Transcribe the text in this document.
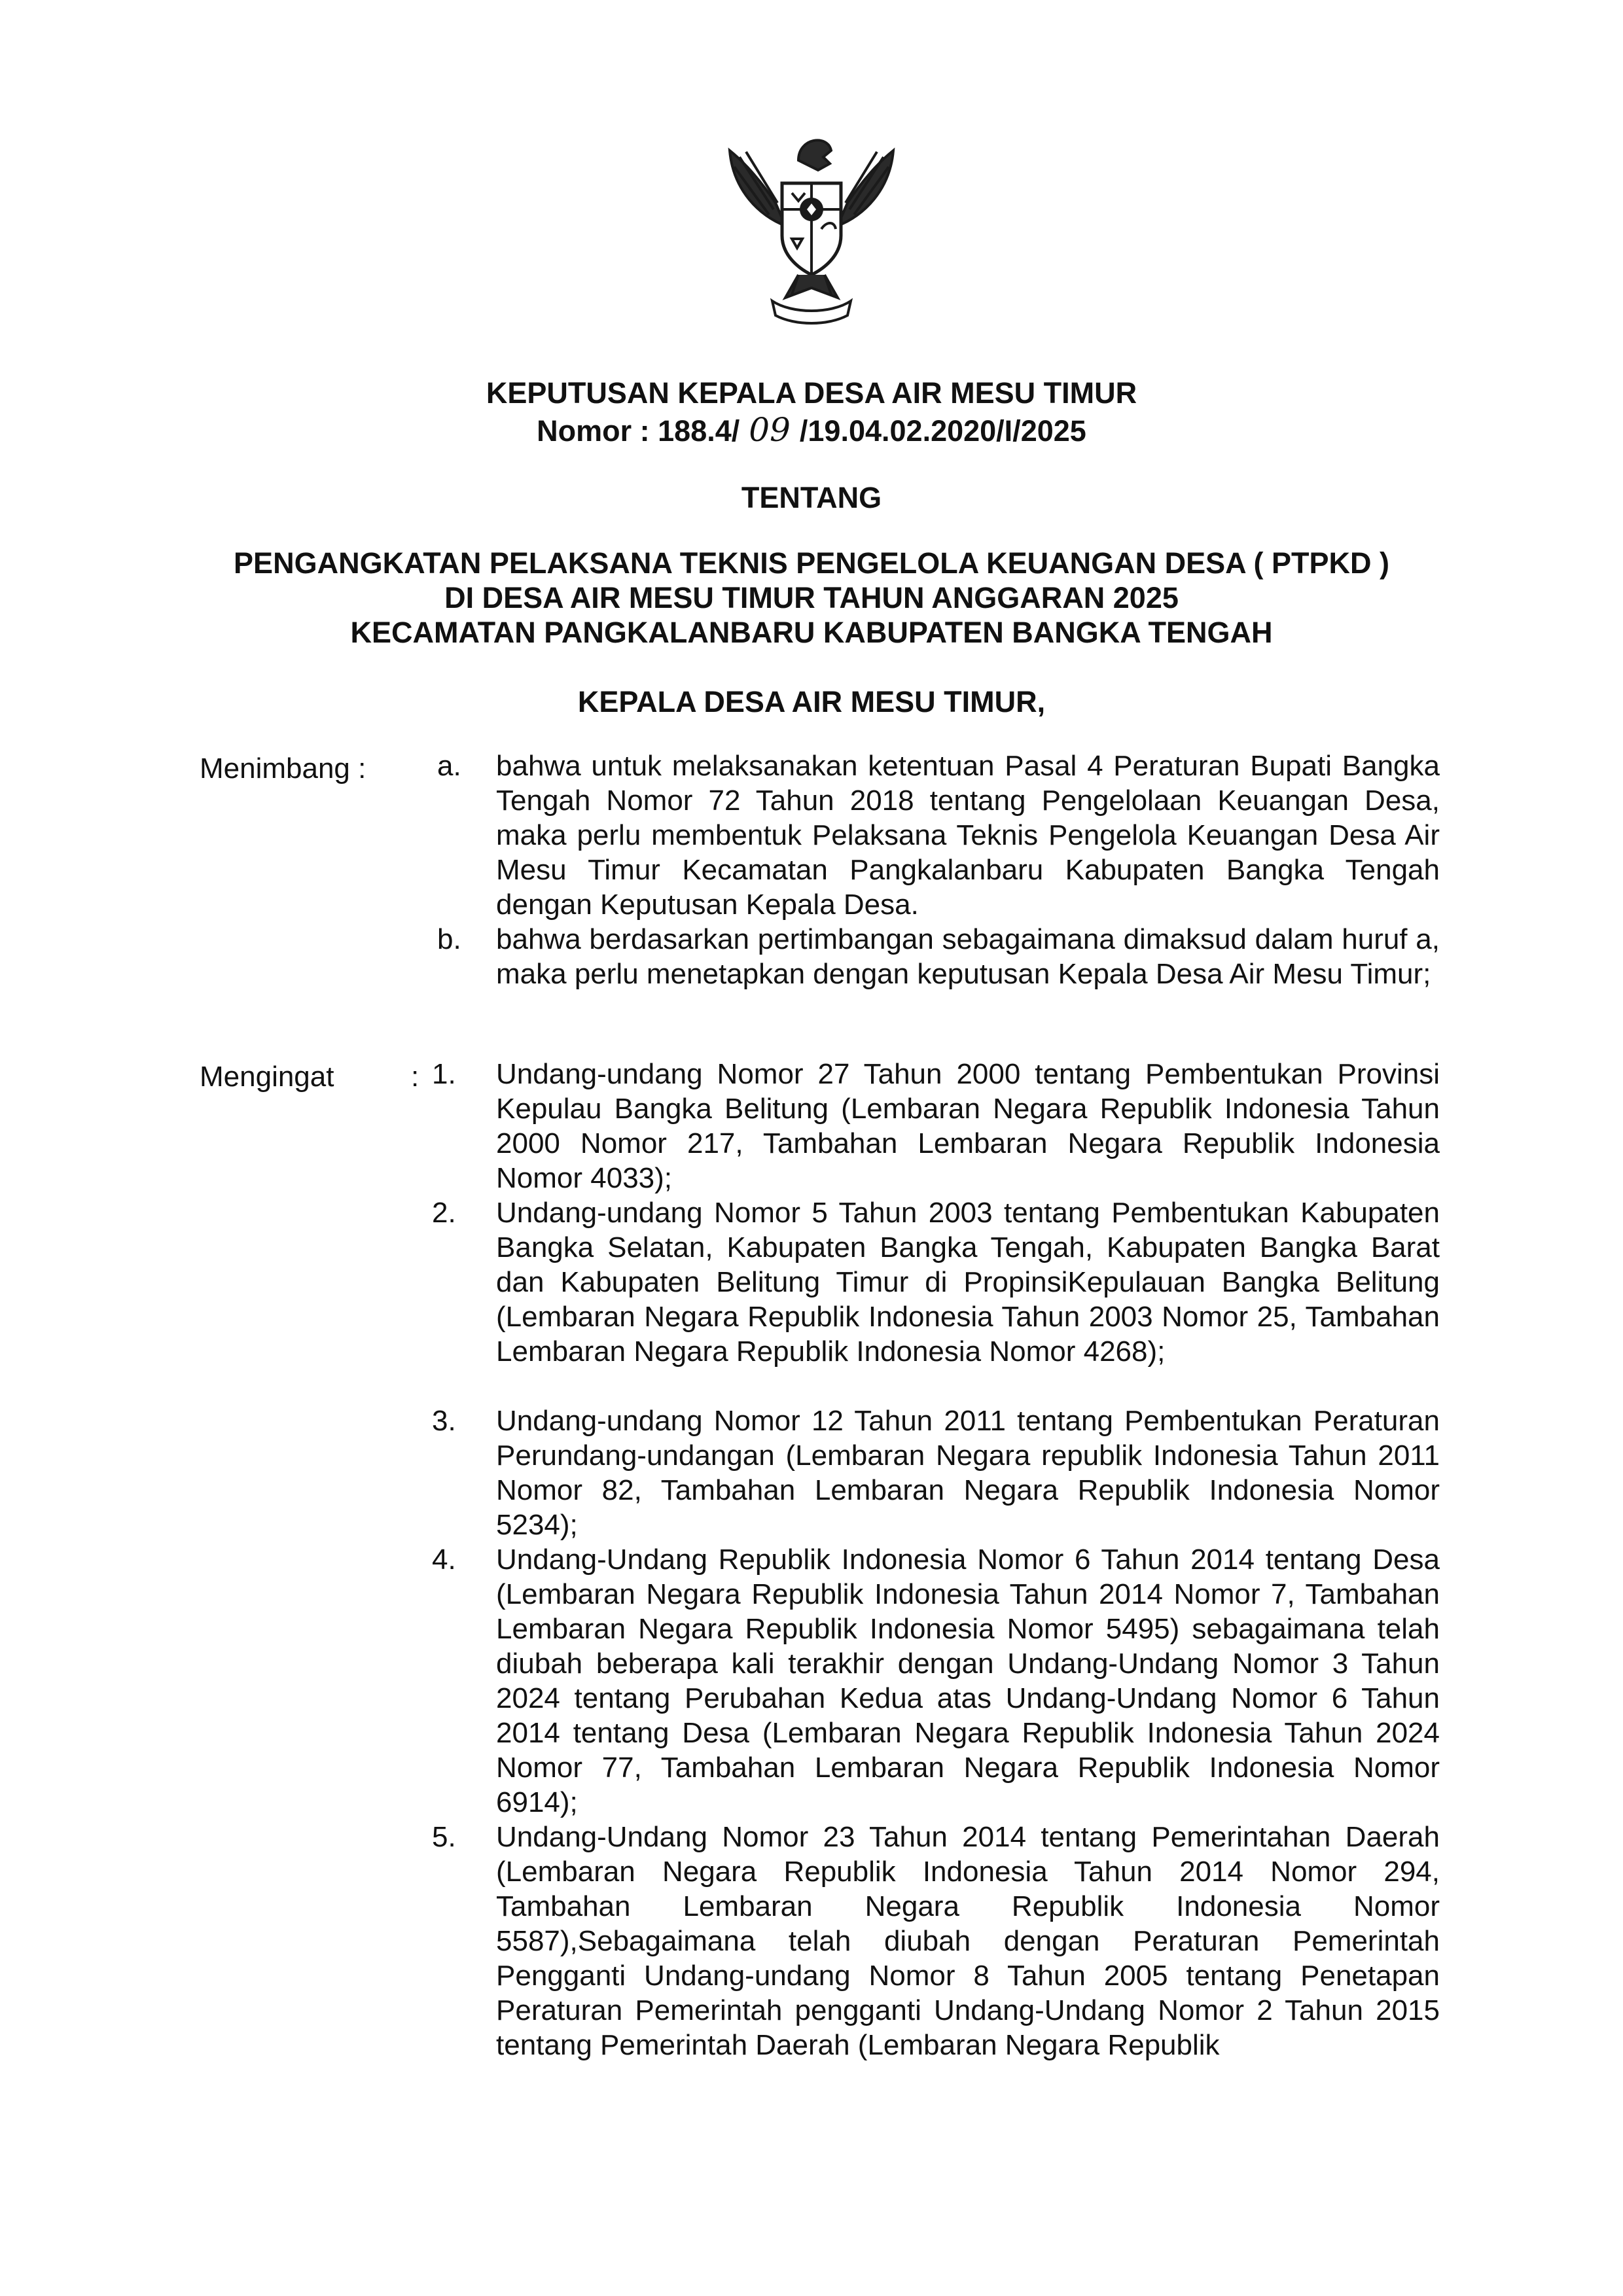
KEPUTUSAN KEPALA DESA AIR MESU TIMUR
Nomor : 188.4/ 09 /19.04.02.2020/I/2025
TENTANG
PENGANGKATAN PELAKSANA TEKNIS PENGELOLA KEUANGAN DESA ( PTPKD )
DI DESA AIR MESU TIMUR TAHUN ANGGARAN 2025
KECAMATAN PANGKALANBARU KABUPATEN BANGKA TENGAH
KEPALA DESA AIR MESU TIMUR,
Menimbang : a. bahwa untuk melaksanakan ketentuan Pasal 4 Peraturan Bupati Bangka Tengah Nomor 72 Tahun 2018 tentang Pengelolaan Keuangan Desa, maka perlu membentuk Pelaksana Teknis Pengelola Keuangan Desa Air Mesu Timur Kecamatan Pangkalanbaru Kabupaten Bangka Tengah dengan Keputusan Kepala Desa.
b. bahwa berdasarkan pertimbangan sebagaimana dimaksud dalam huruf a, maka perlu menetapkan dengan keputusan Kepala Desa Air Mesu Timur;
Mengingat	: 1. Undang-undang Nomor 27 Tahun 2000 tentang Pembentukan Provinsi Kepulau Bangka Belitung (Lembaran Negara Republik Indonesia Tahun 2000 Nomor 217, Tambahan Lembaran Negara Republik Indonesia Nomor 4033);
2. Undang-undang Nomor 5 Tahun 2003 tentang Pembentukan Kabupaten Bangka Selatan, Kabupaten Bangka Tengah, Kabupaten Bangka Barat dan Kabupaten Belitung Timur di PropinsiKepulauan Bangka Belitung (Lembaran Negara Republik Indonesia Tahun 2003 Nomor 25, Tambahan Lembaran Negara Republik Indonesia Nomor 4268);
3. Undang-undang Nomor 12 Tahun 2011 tentang Pembentukan Peraturan Perundang-undangan (Lembaran Negara republik Indonesia Tahun 2011 Nomor 82, Tambahan Lembaran Negara Republik Indonesia Nomor 5234);
4. Undang-Undang Republik Indonesia Nomor 6 Tahun 2014 tentang Desa (Lembaran Negara Republik Indonesia Tahun 2014 Nomor 7, Tambahan Lembaran Negara Republik Indonesia Nomor 5495) sebagaimana telah diubah beberapa kali terakhir dengan Undang-Undang Nomor 3 Tahun 2024 tentang Perubahan Kedua atas Undang-Undang Nomor 6 Tahun 2014 tentang Desa (Lembaran Negara Republik Indonesia Tahun 2024 Nomor 77, Tambahan Lembaran Negara Republik Indonesia Nomor 6914);
5. Undang-Undang Nomor 23 Tahun 2014 tentang Pemerintahan Daerah (Lembaran Negara Republik Indonesia Tahun 2014 Nomor 294, Tambahan Lembaran Negara Republik Indonesia Nomor 5587),Sebagaimana telah diubah dengan Peraturan Pemerintah Pengganti Undang-undang Nomor 8 Tahun 2005 tentang Penetapan Peraturan Pemerintah pengganti Undang-Undang Nomor 2 Tahun 2015 tentang Pemerintah Daerah (Lembaran Negara Republik
